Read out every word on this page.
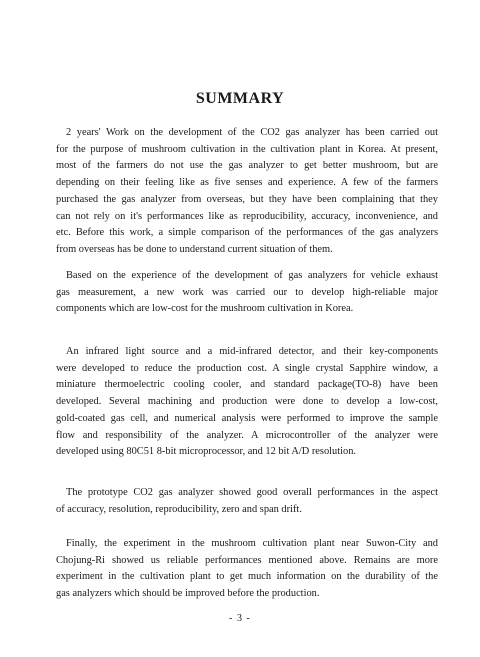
SUMMARY
2 years' Work on the development of the CO2 gas analyzer has been carried out
for the purpose of mushroom cultivation in the cultivation plant in Korea. At present,
most of the farmers do not use the gas analyzer to get better mushroom, but are
depending on their feeling like as five senses and experience. A few of the farmers
purchased the gas analyzer from overseas, but they have been complaining that they
can not rely on it's performances like as reproducibility, accuracy, inconvenience, and
etc. Before this work, a simple comparison of the performances of the gas analyzers
from overseas has be done to understand current situation of them.
Based on the experience of the development of gas analyzers for vehicle exhaust
gas measurement, a new work was carried our to develop high-reliable major
components which are low-cost for the mushroom cultivation in Korea.
An infrared light source and a mid-infrared detector, and their key-components
were developed to reduce the production cost. A single crystal Sapphire window, a
miniature thermoelectric cooling cooler, and standard package(TO-8) have been
developed. Several machining and production were done to develop a low-cost,
gold-coated gas cell, and numerical analysis were performed to improve the sample
flow and responsibility of the analyzer. A microcontroller of the analyzer were
developed using 80C51 8-bit microprocessor, and 12 bit A/D resolution.
The prototype CO2 gas analyzer showed good overall performances in the aspect
of accuracy, resolution, reproducibility, zero and span drift.
Finally, the experiment in the mushroom cultivation plant near Suwon-City and
Chojung-Ri showed us reliable performances mentioned above. Remains are more
experiment in the cultivation plant to get much information on the durability of the
gas analyzers which should be improved before the production.
- 3 -
